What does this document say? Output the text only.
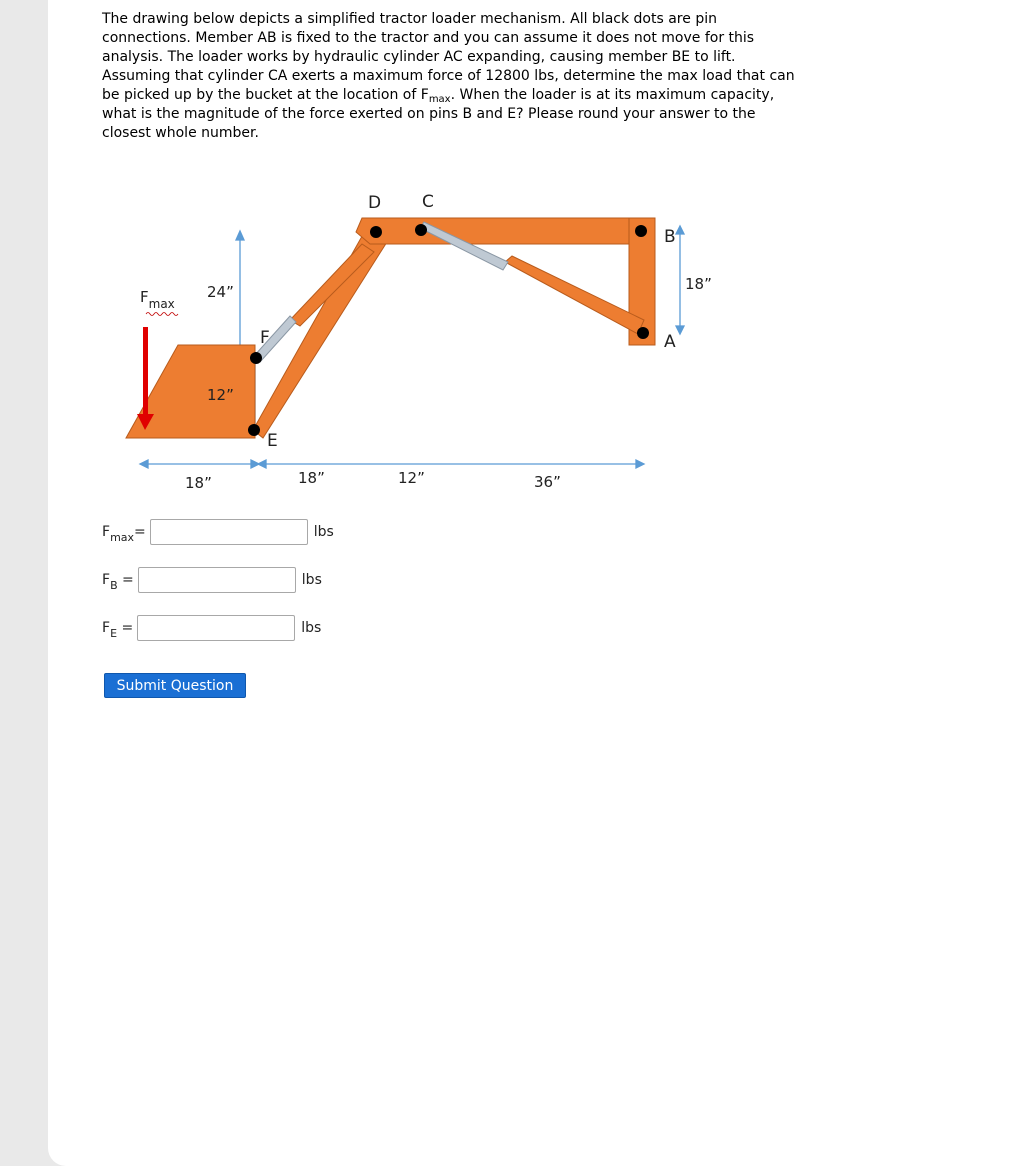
The drawing below depicts a simplified tractor loader mechanism. All black dots are pin connections. Member AB is fixed to the tractor and you can assume it does not move for this analysis. The loader works by hydraulic cylinder AC expanding, causing member BE to lift. Assuming that cylinder CA exerts a maximum force of 12800 lbs, determine the max load that can be picked up by the bucket at the location of $F_{max}$. When the loader is at its maximum capacity, what is the magnitude of the force exerted on pins B and E? Please round your answer to the closest whole number.
D C
B
A
F
E
$F_{max}$
24”
12”
18”
18”	18”	12”	36”
$F_{max}=$	lbs
$F_B$ =	lbs
$F_E$ =	lbs
Submit Question
